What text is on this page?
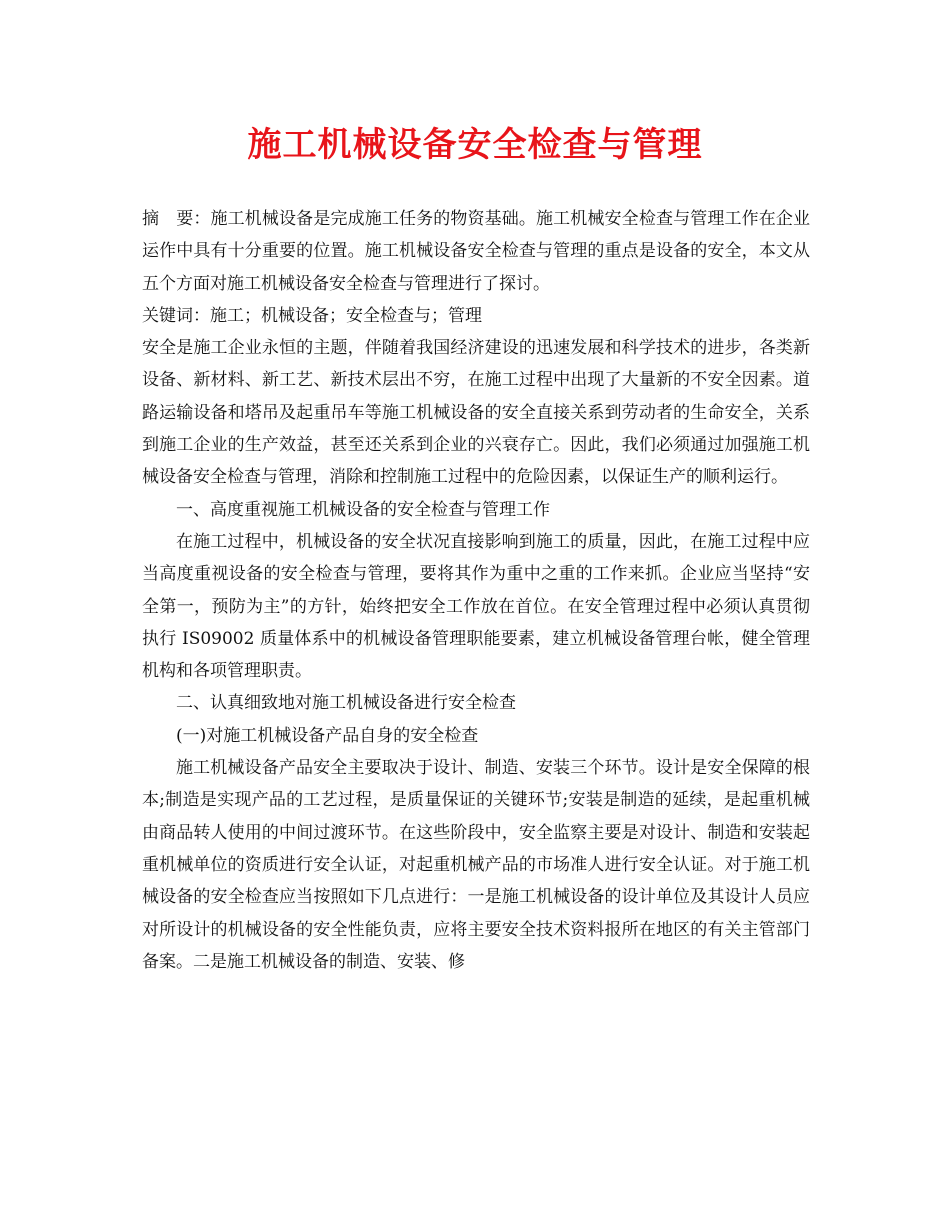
施工机械设备安全检查与管理

摘　要：施工机械设备是完成施工任务的物资基础。施工机械安全检查与管理工作在企业运作中具有十分重要的位置。施工机械设备安全检查与管理的重点是设备的安全，本文从五个方面对施工机械设备安全检查与管理进行了探讨。

关键词：施工；机械设备；安全检查与；管理

安全是施工企业永恒的主题，伴随着我国经济建设的迅速发展和科学技术的进步，各类新设备、新材料、新工艺、新技术层出不穷，在施工过程中出现了大量新的不安全因素。道路运输设备和塔吊及起重吊车等施工机械设备的安全直接关系到劳动者的生命安全，关系到施工企业的生产效益，甚至还关系到企业的兴衰存亡。因此，我们必须通过加强施工机械设备安全检查与管理，消除和控制施工过程中的危险因素，以保证生产的顺利运行。

一、高度重视施工机械设备的安全检查与管理工作

在施工过程中，机械设备的安全状况直接影响到施工的质量，因此，在施工过程中应当高度重视设备的安全检查与管理，要将其作为重中之重的工作来抓。企业应当坚持“安全第一，预防为主”的方针，始终把安全工作放在首位。在安全管理过程中必须认真贯彻执行 IS09002 质量体系中的机械设备管理职能要素，建立机械设备管理台帐，健全管理机构和各项管理职责。

二、认真细致地对施工机械设备进行安全检查

(一)对施工机械设备产品自身的安全检查

施工机械设备产品安全主要取决于设计、制造、安装三个环节。设计是安全保障的根本;制造是实现产品的工艺过程，是质量保证的关键环节;安装是制造的延续，是起重机械由商品转人使用的中间过渡环节。在这些阶段中，安全监察主要是对设计、制造和安装起重机械单位的资质进行安全认证，对起重机械产品的市场准人进行安全认证。对于施工机械设备的安全检查应当按照如下几点进行：一是施工机械设备的设计单位及其设计人员应对所设计的机械设备的安全性能负责，应将主要安全技术资料报所在地区的有关主管部门备案。二是施工机械设备的制造、安装、修
